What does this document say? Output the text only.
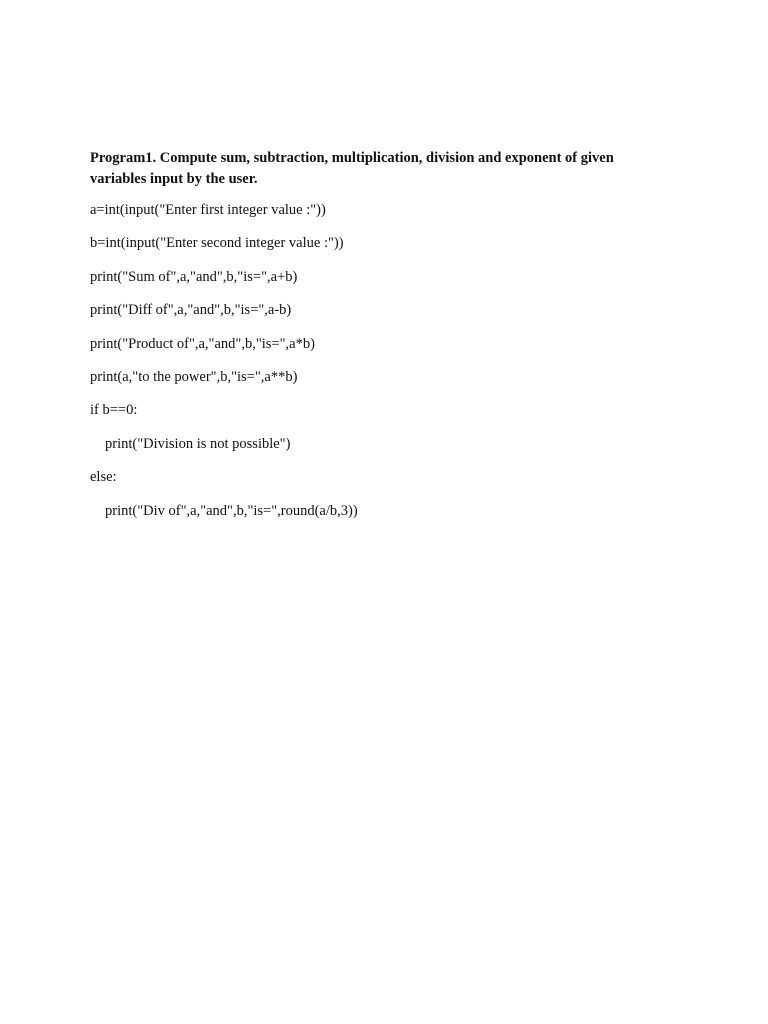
Program1. Compute sum, subtraction, multiplication, division and exponent of given variables input by the user.

a=int(input("Enter first integer value :"))
b=int(input("Enter second integer value :"))
print("Sum of",a,"and",b,"is=",a+b)
print("Diff of",a,"and",b,"is=",a-b)
print("Product of",a,"and",b,"is=",a*b)
print(a,"to the power",b,"is=",a**b)
if b==0:
print("Division is not possible")
else:
print("Div of",a,"and",b,"is=",round(a/b,3))
